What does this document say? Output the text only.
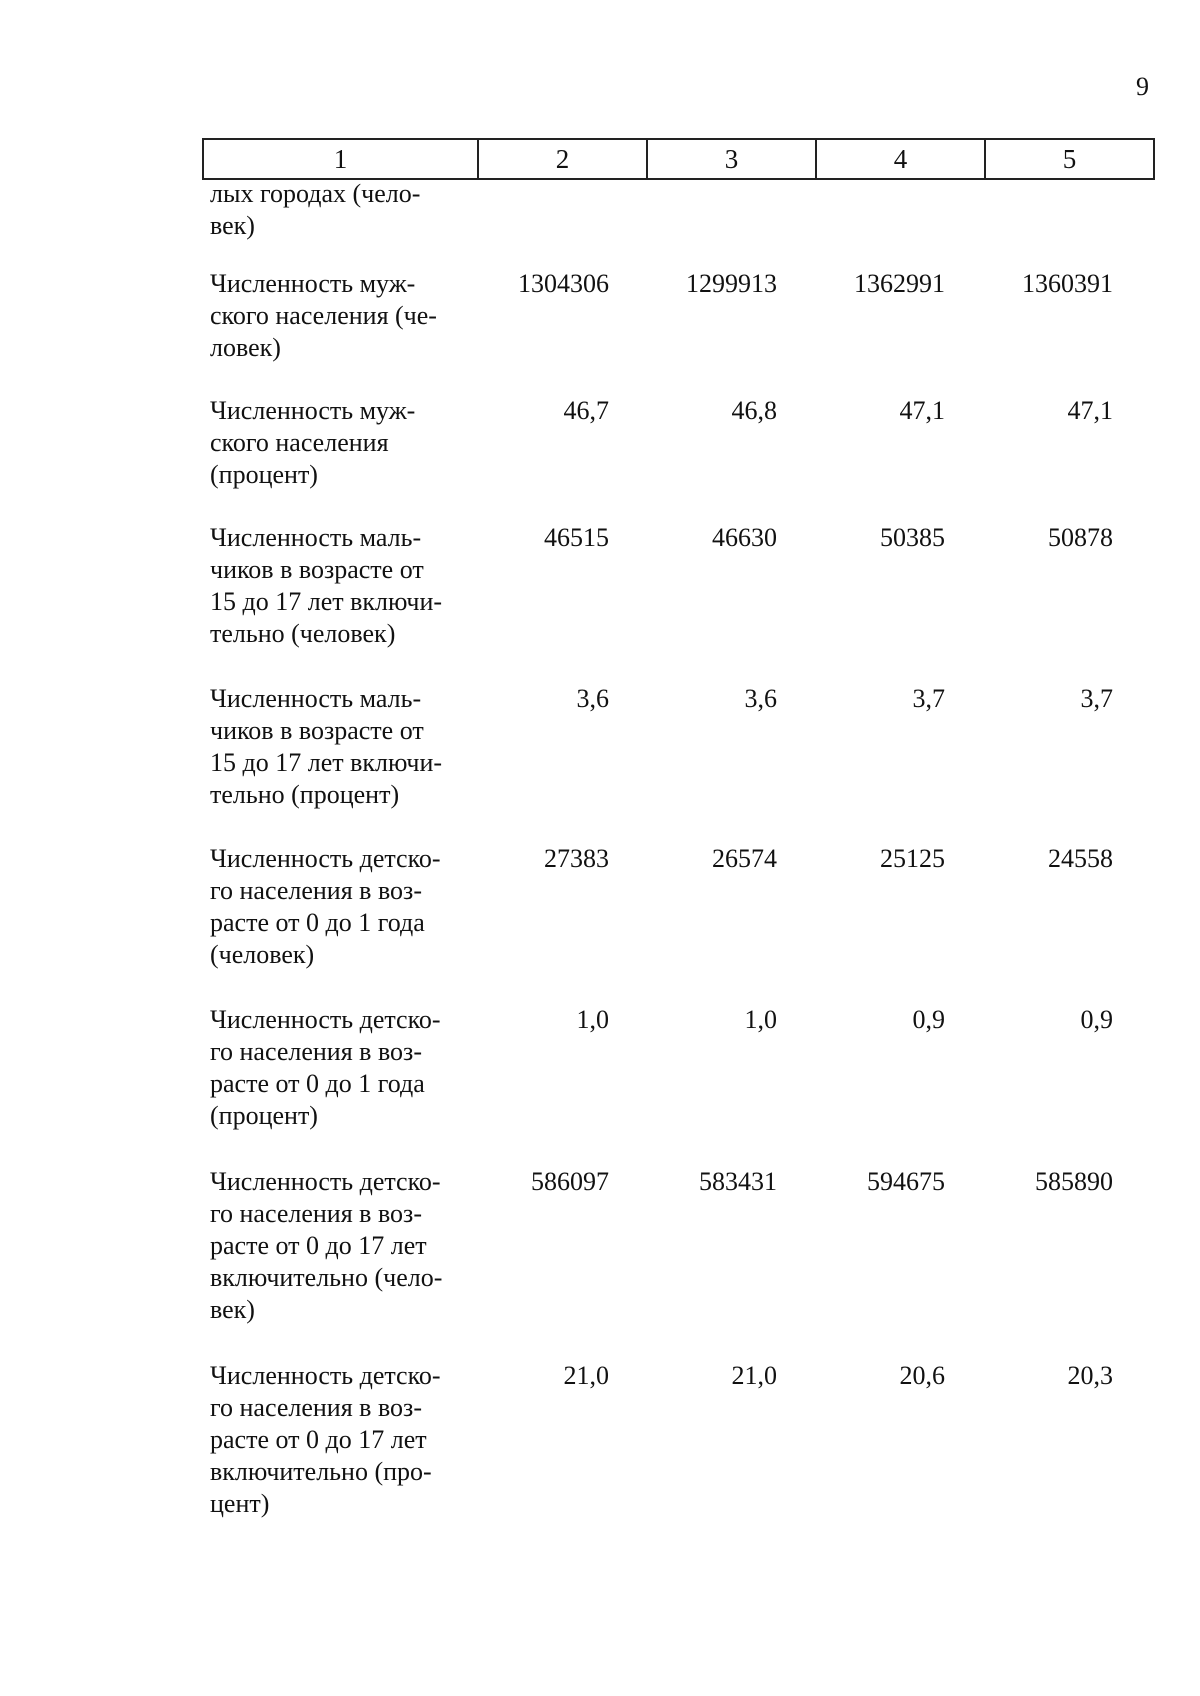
9
1	2	3	4	5
лых городах (чело-
век)
Численность муж-
ского населения (че-
ловек)
1304306	1299913	1362991	1360391
Численность муж-
ского населения
(процент)
46,7	46,8	47,1	47,1
Численность маль-
чиков в возрасте от
15 до 17 лет включи-
тельно (человек)
46515	46630	50385	50878
Численность маль-
чиков в возрасте от
15 до 17 лет включи-
тельно (процент)
3,6	3,6	3,7	3,7
Численность детско-
го населения в воз-
расте от 0 до 1 года
(человек)
27383	26574	25125	24558
Численность детско-
го населения в воз-
расте от 0 до 1 года
(процент)
1,0	1,0	0,9	0,9
Численность детско-
го населения в воз-
расте от 0 до 17 лет
включительно (чело-
век)
586097	583431	594675	585890
Численность детско-
го населения в воз-
расте от 0 до 17 лет
включительно (про-
цент)
21,0	21,0	20,6	20,3
